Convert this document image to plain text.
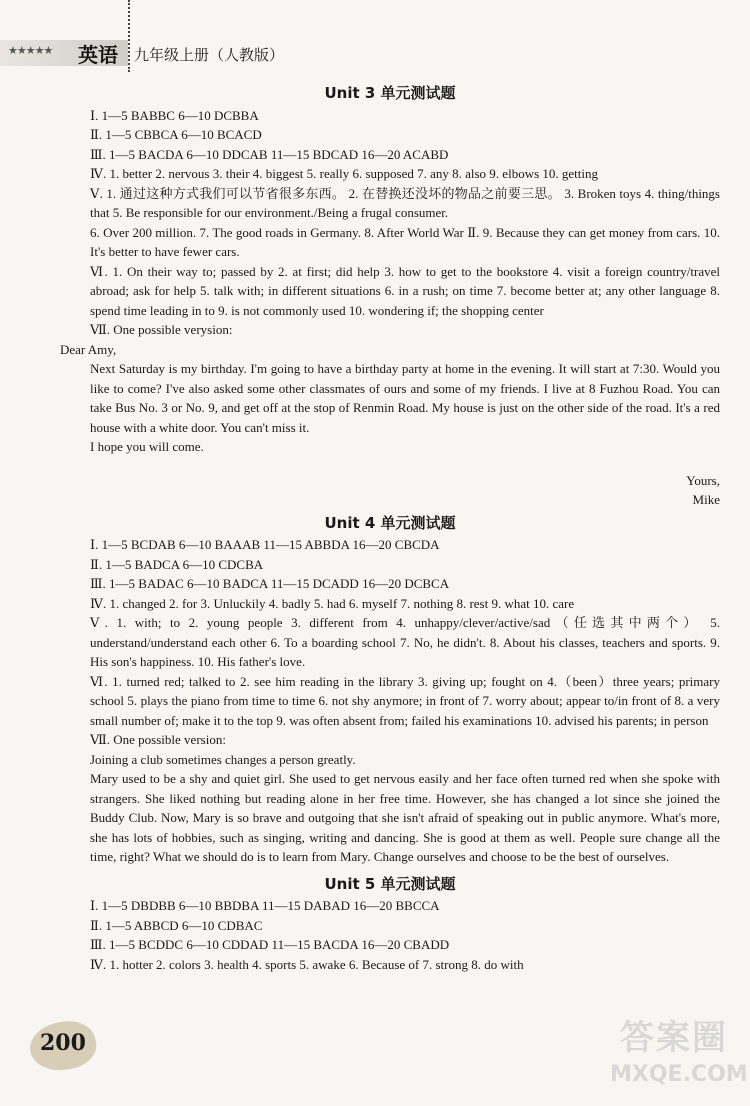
★★★★★ 英语 九年级上册（人教版）

Unit 3 单元测试题

Ⅰ. 1—5 BABBC 6—10 DCBBA

Ⅱ. 1—5 CBBCA 6—10 BCACD

Ⅲ. 1—5 BACDA 6—10 DDCAB 11—15 BDCAD 16—20 ACABD

Ⅳ. 1. better 2. nervous 3. their 4. biggest 5. really 6. supposed 7. any 8. also 9. elbows 10. getting

Ⅴ. 1. 通过这种方式我们可以节省很多东西。 2. 在替换还没坏的物品之前要三思。 3. Broken toys 4. thing/things that 5. Be responsible for our environment./Being a frugal consumer.

6. Over 200 million. 7. The good roads in Germany. 8. After World War Ⅱ. 9. Because they can get money from cars. 10. It's better to have fewer cars.

Ⅵ. 1. On their way to; passed by 2. at first; did help 3. how to get to the bookstore 4. visit a foreign country/travel abroad; ask for help 5. talk with; in different situations 6. in a rush; on time 7. become better at; any other language 8. spend time leading in to 9. is not commonly used 10. wondering if; the shopping center

Ⅶ. One possible verysion:

Dear Amy,

Next Saturday is my birthday. I'm going to have a birthday party at home in the evening. It will start at 7:30. Would you like to come? I've also asked some other classmates of ours and some of my friends. I live at 8 Fuzhou Road. You can take Bus No. 3 or No. 9, and get off at the stop of Renmin Road. My house is just on the other side of the road. It's a red house with a white door. You can't miss it.

I hope you will come.

Yours,

Mike

Unit 4 单元测试题

Ⅰ. 1—5 BCDAB 6—10 BAAAB 11—15 ABBDA 16—20 CBCDA

Ⅱ. 1—5 BADCA 6—10 CDCBA

Ⅲ. 1—5 BADAC 6—10 BADCA 11—15 DCADD 16—20 DCBCA

Ⅳ. 1. changed 2. for 3. Unluckily 4. badly 5. had 6. myself 7. nothing 8. rest 9. what 10. care

Ⅴ. 1. with; to 2. young people 3. different from 4. unhappy/clever/active/sad（任选其中两个） 5. understand/understand each other 6. To a boarding school 7. No, he didn't. 8. About his classes, teachers and sports. 9. His son's happiness. 10. His father's love.

Ⅵ. 1. turned red; talked to 2. see him reading in the library 3. giving up; fought on 4.（been）three years; primary school 5. plays the piano from time to time 6. not shy anymore; in front of 7. worry about; appear to/in front of 8. a very small number of; make it to the top 9. was often absent from; failed his examinations 10. advised his parents; in person

Ⅶ. One possible version:

Joining a club sometimes changes a person greatly.

Mary used to be a shy and quiet girl. She used to get nervous easily and her face often turned red when she spoke with strangers. She liked nothing but reading alone in her free time. However, she has changed a lot since she joined the Buddy Club. Now, Mary is so brave and outgoing that she isn't afraid of speaking out in public anymore. What's more, she has lots of hobbies, such as singing, writing and dancing. She is good at them as well. People sure change all the time, right? What we should do is to learn from Mary. Change ourselves and choose to be the best of ourselves.

Unit 5 单元测试题

Ⅰ. 1—5 DBDBB 6—10 BBDBA 11—15 DABAD 16—20 BBCCA

Ⅱ. 1—5 ABBCD 6—10 CDBAC

Ⅲ. 1—5 BCDDC 6—10 CDDAD 11—15 BACDA 16—20 CBADD

Ⅳ. 1. hotter 2. colors 3. health 4. sports 5. awake 6. Because of 7. strong 8. do with

200	答案圈
MXQE.COM
